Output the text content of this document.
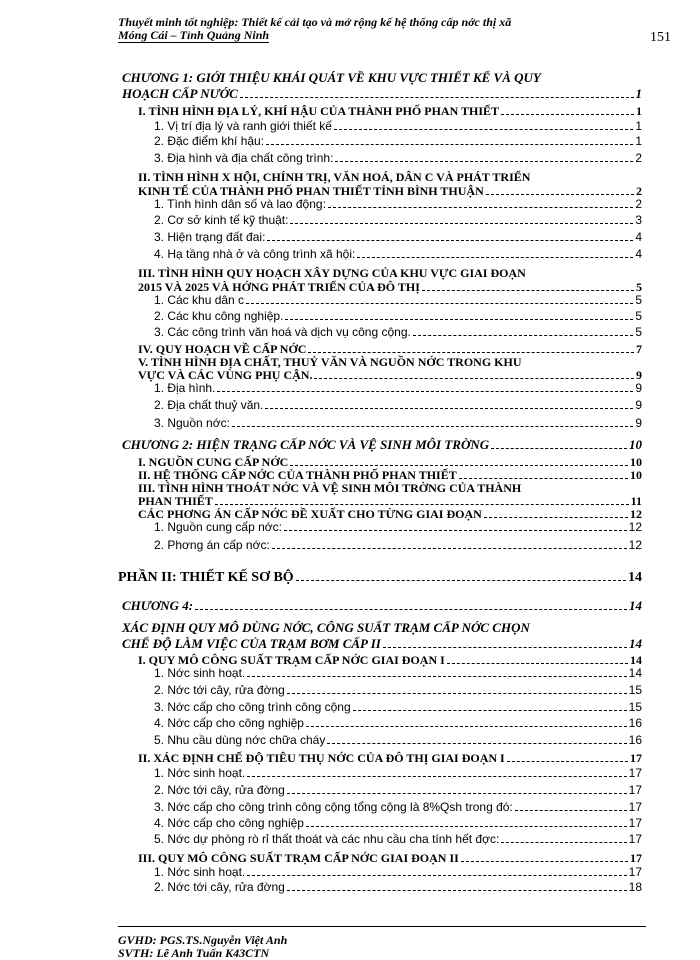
Thuyết minh tốt nghiệp: Thiết kế cải tạo và mở rộng kế hệ thống cấp nớc thị xã
Móng Cái – Tỉnh Quảng Ninh	151
CHƯƠNG 1: GIỚI THIỆU KHÁI QUÁT VỀ KHU VỰC THIẾT KẾ VÀ QUY
HOẠCH CẤP NƯỚC	1
I. TÌNH HÌNH ĐỊA LÝ, KHÍ HẬU CỦA THÀNH PHỐ PHAN THIẾT	1
1. Vị trí địa lý và ranh giới thiết kế	1
2. Đặc điểm khí hậu:	1
3. Địa hình và địa chất công trình:	2
II. TÌNH HÌNH X HỘI, CHÍNH TRỊ, VĂN HOÁ, DÂN C VÀ PHÁT TRIỂN
KINH TẾ CỦA THÀNH PHỐ PHAN THIẾT TỈNH BÌNH THUẬN	2
1. Tình hình dân số và lao động:	2
2. Cơ sở kinh tế kỹ thuật:	3
3. Hiện trạng đất đai:	4
4. Hạ tầng nhà ở và công trình xã hội:	4
III. TÌNH HÌNH QUY HOẠCH XÂY DỰNG CỦA KHU VỰC GIAI ĐOẠN
2015 VÀ 2025 VÀ HỚNG PHÁT TRIỂN CỦA ĐÔ THỊ	5
1. Các khu dân c	5
2. Các khu công nghiệp.	5
3. Các công trình văn hoá và dịch vụ công cộng.	5
IV. QUY HOẠCH VỀ CẤP NỚC	7
V. TÌNH HÌNH ĐỊA CHẤT, THUỶ VĂN VÀ NGUỒN NỚC TRONG KHU
VỰC VÀ CÁC VÙNG PHỤ CẬN.	9
1. Địa hình.	9
2. Địa chất thuỷ văn.	9
3. Nguồn nớc:	9
CHƯƠNG 2: HIỆN TRẠNG CẤP NỚC VÀ VỆ SINH MÔI TRỜNG	10
I. NGUỒN CUNG CẤP NỚC	10
II. HỆ THỐNG CẤP NỚC CỦA THÀNH PHỐ PHAN THIẾT	10
III. TÌNH HÌNH THOÁT NỚC VÀ VỆ SINH MÔI TRỜNG CỦA THÀNH
PHAN THIẾT	11
CÁC PHƠNG ÁN CẤP NỚC ĐỀ XUẤT CHO TỪNG GIAI ĐOẠN	12
1. Nguồn cung cấp nớc:	12
2. Phơng án cấp nớc:	12
PHẦN II: THIẾT KẾ SƠ BỘ	14
CHƯƠNG 4:	14
XÁC ĐỊNH QUY MÔ DÙNG NỚC, CÔNG SUẤT TRẠM CẤP NỚC CHỌN
CHẾ ĐỘ LÀM VIỆC CỦA TRẠM BƠM CẤP II	14
I. QUY MÔ CÔNG SUẤT TRẠM CẤP NỚC GIAI ĐOẠN I	14
1. Nớc sinh hoạt.	14
2. Nớc tới cây, rửa đờng	15
3. Nớc cấp cho công trình công cộng	15
4. Nớc cấp cho công nghiệp	16
5. Nhu cầu dùng nớc chữa cháy	16
II. XÁC ĐỊNH CHẾ ĐỘ TIÊU THỤ NỚC CỦA ĐÔ THỊ GIAI ĐOẠN I	17
1. Nớc sinh hoạt.	17
2. Nớc tới cây, rửa đờng	17
3. Nớc cấp cho công trình công cộng tổng cộng là 8%Qsh trong đó:	17
4. Nớc cấp cho công nghiệp	17
5. Nớc dự phòng rò rỉ thất thoát và các nhu cầu cha tính hết đợc:	17
III. QUY MÔ CÔNG SUẤT TRẠM CẤP NỚC GIAI ĐOẠN II	17
1. Nớc sinh hoạt.	17
2. Nớc tới cây, rửa đờng	18
GVHD: PGS.TS.Nguyễn Việt Anh
SVTH: Lê Anh Tuấn K43CTN
